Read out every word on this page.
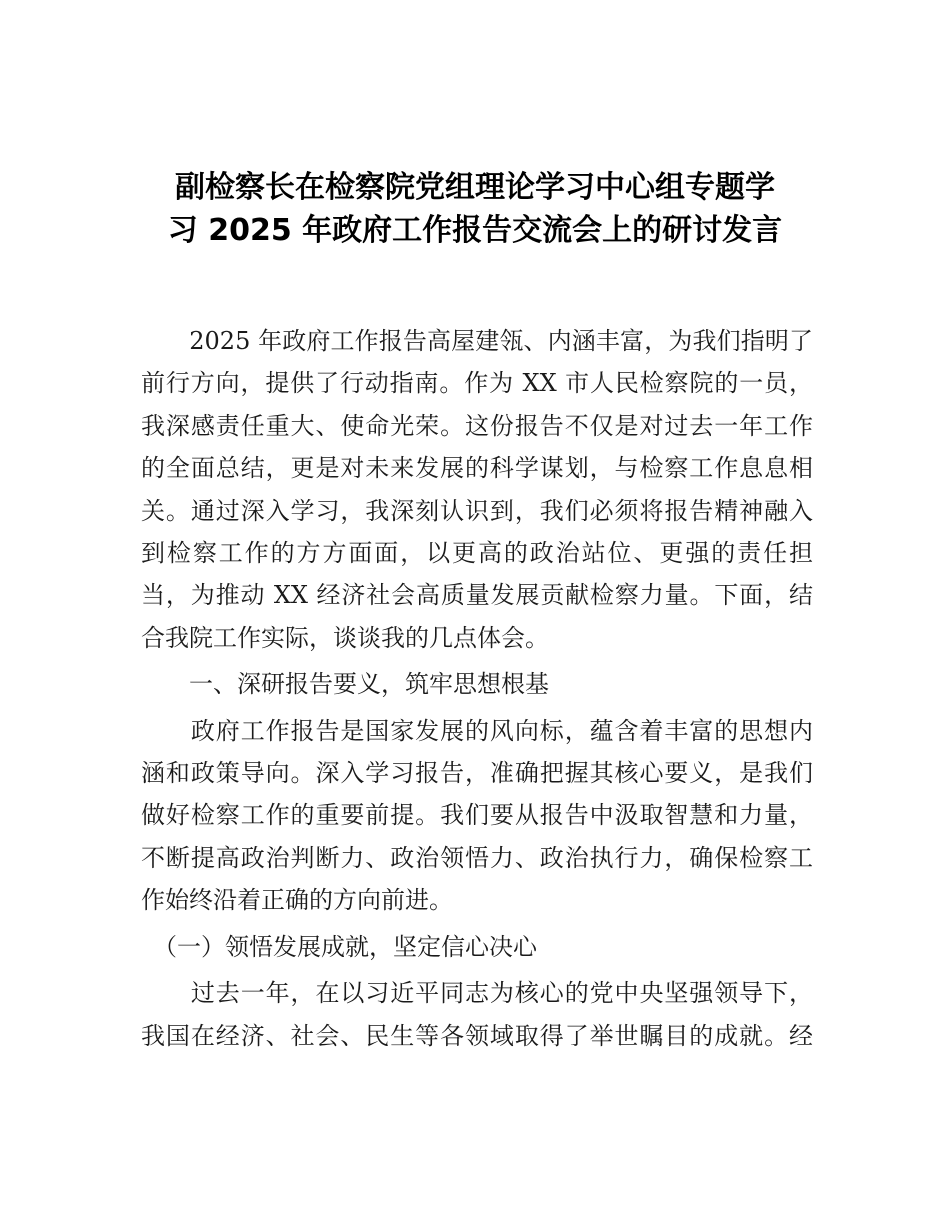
副检察长在检察院党组理论学习中心组专题学
习 2025 年政府工作报告交流会上的研讨发言

　　2025 年政府工作报告高屋建瓴、内涵丰富，为我们指明了
前行方向，提供了行动指南。作为 XX 市人民检察院的一员，
我深感责任重大、使命光荣。这份报告不仅是对过去一年工作
的全面总结，更是对未来发展的科学谋划，与检察工作息息相
关。通过深入学习，我深刻认识到，我们必须将报告精神融入
到检察工作的方方面面，以更高的政治站位、更强的责任担
当，为推动 XX 经济社会高质量发展贡献检察力量。下面，结
合我院工作实际，谈谈我的几点体会。

　　一、深研报告要义，筑牢思想根基

　　政府工作报告是国家发展的风向标，蕴含着丰富的思想内
涵和政策导向。深入学习报告，准确把握其核心要义，是我们
做好检察工作的重要前提。我们要从报告中汲取智慧和力量，
不断提高政治判断力、政治领悟力、政治执行力，确保检察工
作始终沿着正确的方向前进。

　（一）领悟发展成就，坚定信心决心

　　过去一年，在以习近平同志为核心的党中央坚强领导下，
我国在经济、社会、民生等各领域取得了举世瞩目的成就。经
